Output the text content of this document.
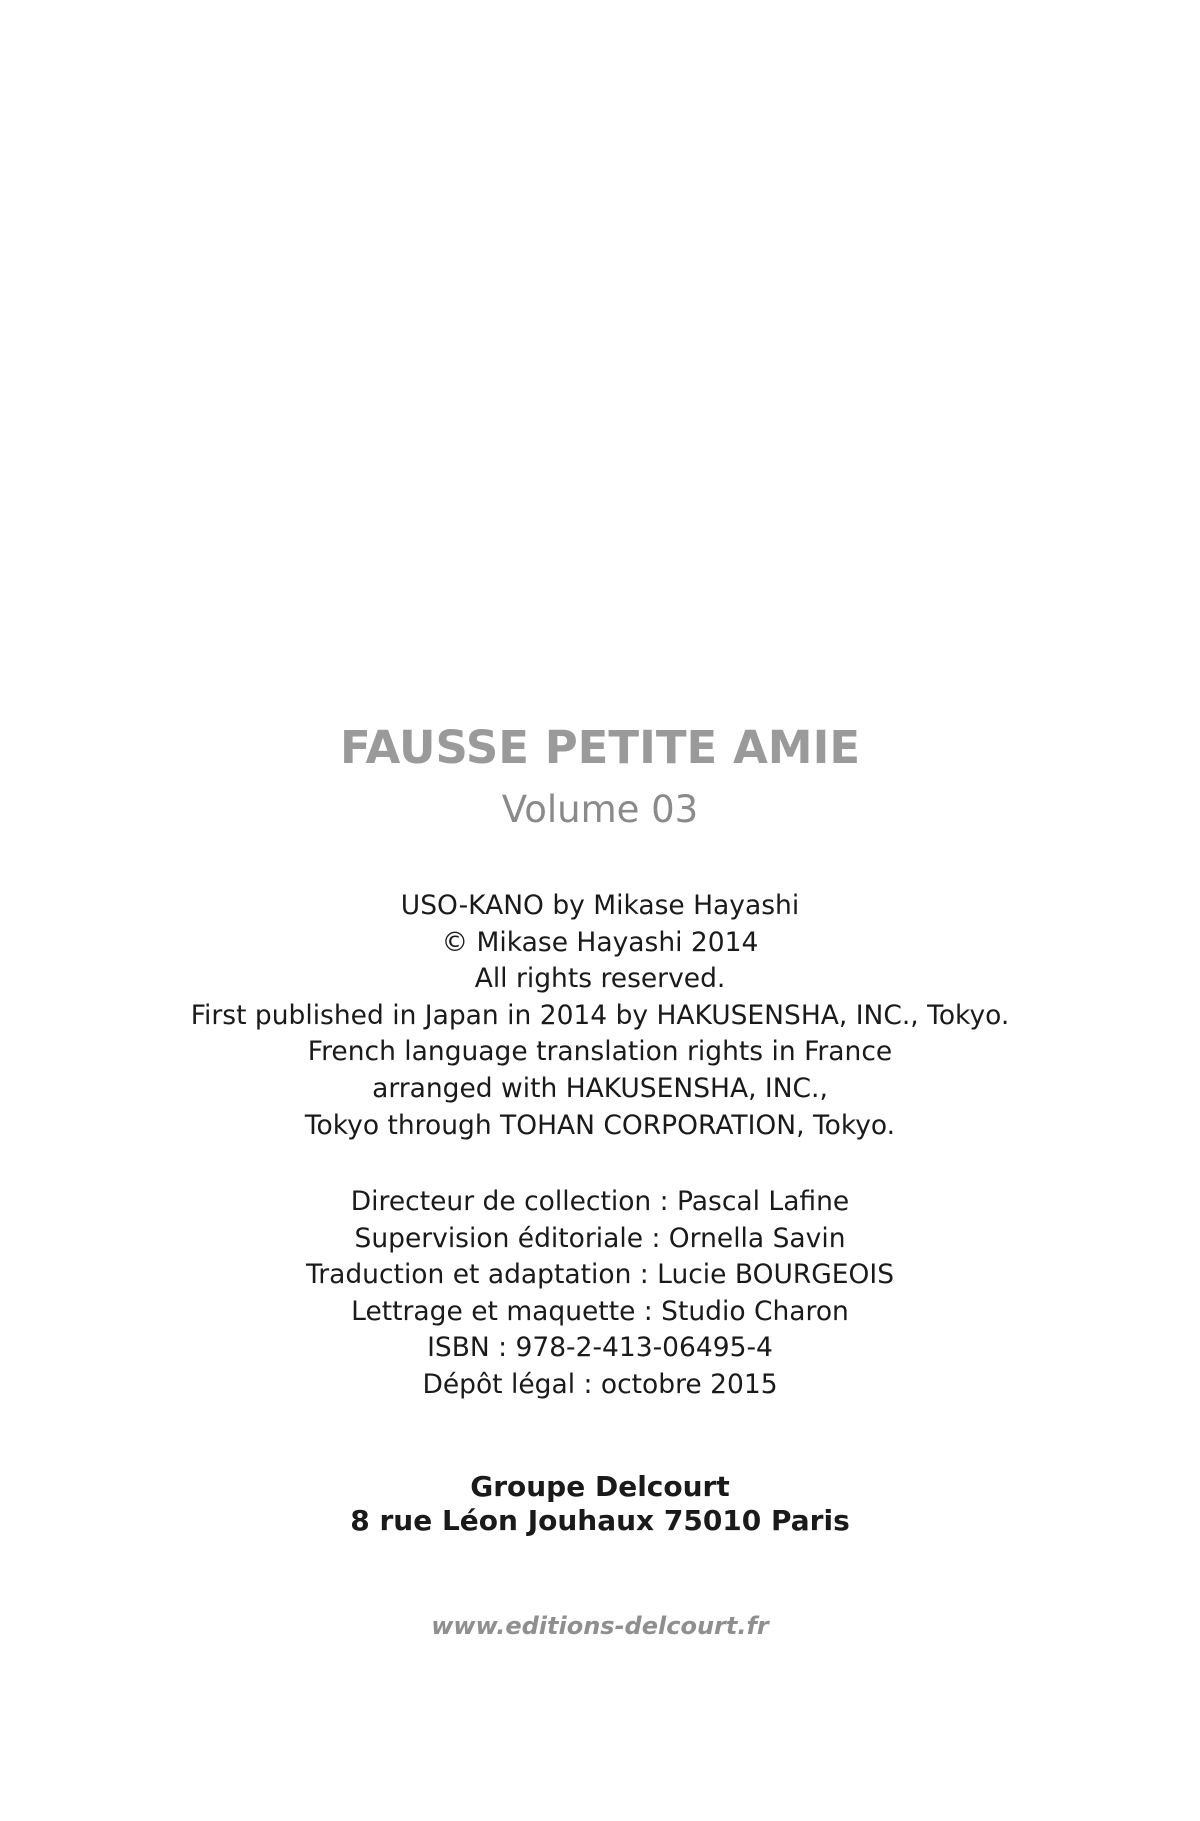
FAUSSE PETITE AMIE
Volume 03
USO-KANO by Mikase Hayashi
© Mikase Hayashi 2014
All rights reserved.
First published in Japan in 2014 by HAKUSENSHA, INC., Tokyo.
French language translation rights in France
arranged with HAKUSENSHA, INC.,
Tokyo through TOHAN CORPORATION, Tokyo.
Directeur de collection : Pascal Lafine
Supervision éditoriale : Ornella Savin
Traduction et adaptation : Lucie BOURGEOIS
Lettrage et maquette : Studio Charon
ISBN : 978-2-413-06495-4
Dépôt légal : octobre 2015
Groupe Delcourt
8 rue Léon Jouhaux 75010 Paris
www.editions-delcourt.fr
